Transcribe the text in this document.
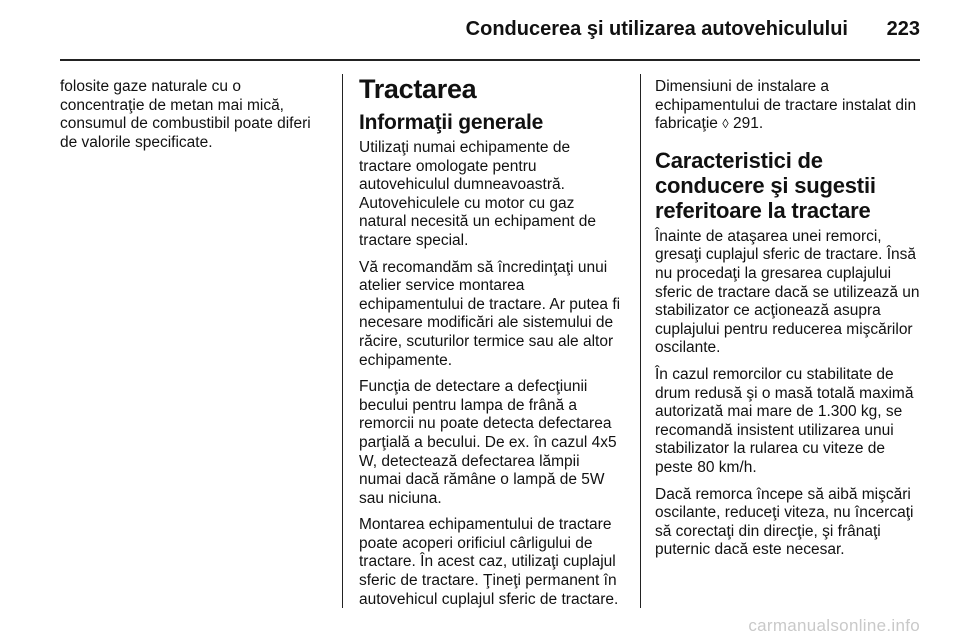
Conducerea şi utilizarea autovehiculului 223

folosite gaze naturale cu o concentraţie de metan mai mică, consumul de combustibil poate diferi de valorile specificate.

Tractarea
Informaţii generale

Utilizaţi numai echipamente de tractare omologate pentru autovehiculul dumneavoastră. Autovehiculele cu motor cu gaz natural necesită un echipament de tractare special.

Vă recomandăm să încredinţaţi unui atelier service montarea echipamentului de tractare. Ar putea fi necesare modificări ale sistemului de răcire, scuturilor termice sau ale altor echipamente.

Funcţia de detectare a defecţiunii becului pentru lampa de frână a remorcii nu poate detecta defectarea parţială a becului. De ex. în cazul 4x5 W, detectează defectarea lămpii numai dacă rămâne o lampă de 5W sau niciuna.

Montarea echipamentului de tractare poate acoperi orificiul cârligului de tractare. În acest caz, utilizaţi cuplajul sferic de tractare. Ţineţi permanent în autovehicul cuplajul sferic de tractare.

Dimensiuni de instalare a echipamentului de tractare instalat din fabricaţie ◊ 291.

Caracteristici de conducere şi sugestii referitoare la tractare

Înainte de ataşarea unei remorci, gresaţi cuplajul sferic de tractare. Însă nu procedaţi la gresarea cuplajului sferic de tractare dacă se utilizează un stabilizator ce acţionează asupra cuplajului pentru reducerea mişcărilor oscilante.

În cazul remorcilor cu stabilitate de drum redusă şi o masă totală maximă autorizată mai mare de 1.300 kg, se recomandă insistent utilizarea unui stabilizator la rularea cu viteze de peste 80 km/h.

Dacă remorca începe să aibă mişcări oscilante, reduceţi viteza, nu încercaţi să corectaţi din direcţie, şi frânaţi puternic dacă este necesar.

carmanualsonline.info
